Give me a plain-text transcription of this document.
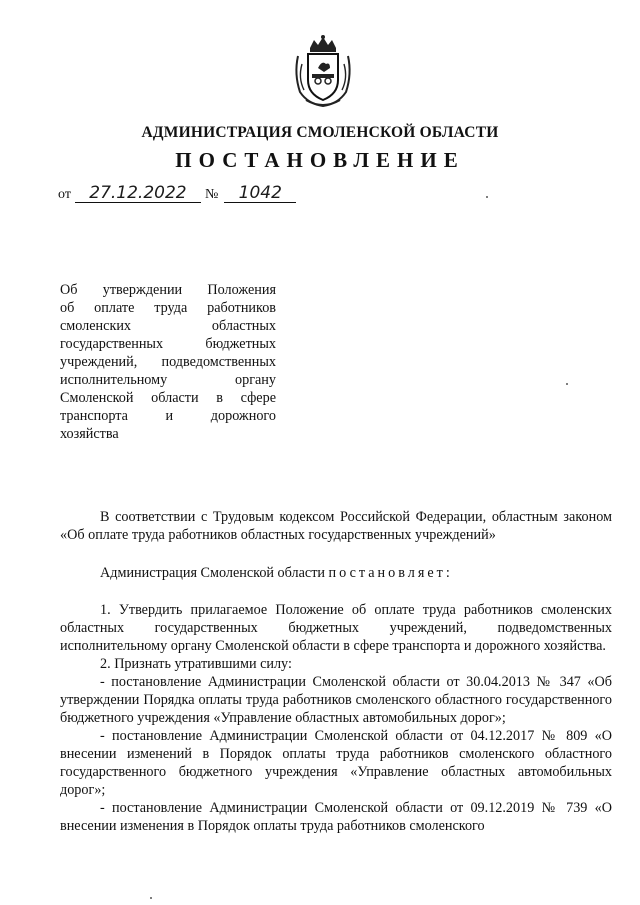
АДМИНИСТРАЦИЯ СМОЛЕНСКОЙ ОБЛАСТИ
ПОСТАНОВЛЕНИЕ
от	27.12.2022	№	1042
Об утверждении Положения
об оплате труда работников
смоленских областных
государственных бюджетных
учреждений, подведомственных
исполнительному органу
Смоленской области в сфере
транспорта и дорожного
хозяйства

В соответствии с Трудовым кодексом Российской Федерации, областным законом «Об оплате труда работников областных государственных учреждений»

Администрация Смоленской области постановляет:

1. Утвердить прилагаемое Положение об оплате труда работников смоленских областных государственных бюджетных учреждений, подведомственных исполнительному органу Смоленской области в сфере транспорта и дорожного хозяйства.

2. Признать утратившими силу:

- постановление Администрации Смоленской области от 30.04.2013 № 347 «Об утверждении Порядка оплаты труда работников смоленского областного государственного бюджетного учреждения «Управление областных автомобильных дорог»;

- постановление Администрации Смоленской области от 04.12.2017 № 809 «О внесении изменений в Порядок оплаты труда работников смоленского областного государственного бюджетного учреждения «Управление областных автомобильных дорог»;

- постановление Администрации Смоленской области от 09.12.2019 № 739 «О внесении изменения в Порядок оплаты труда работников смоленского
